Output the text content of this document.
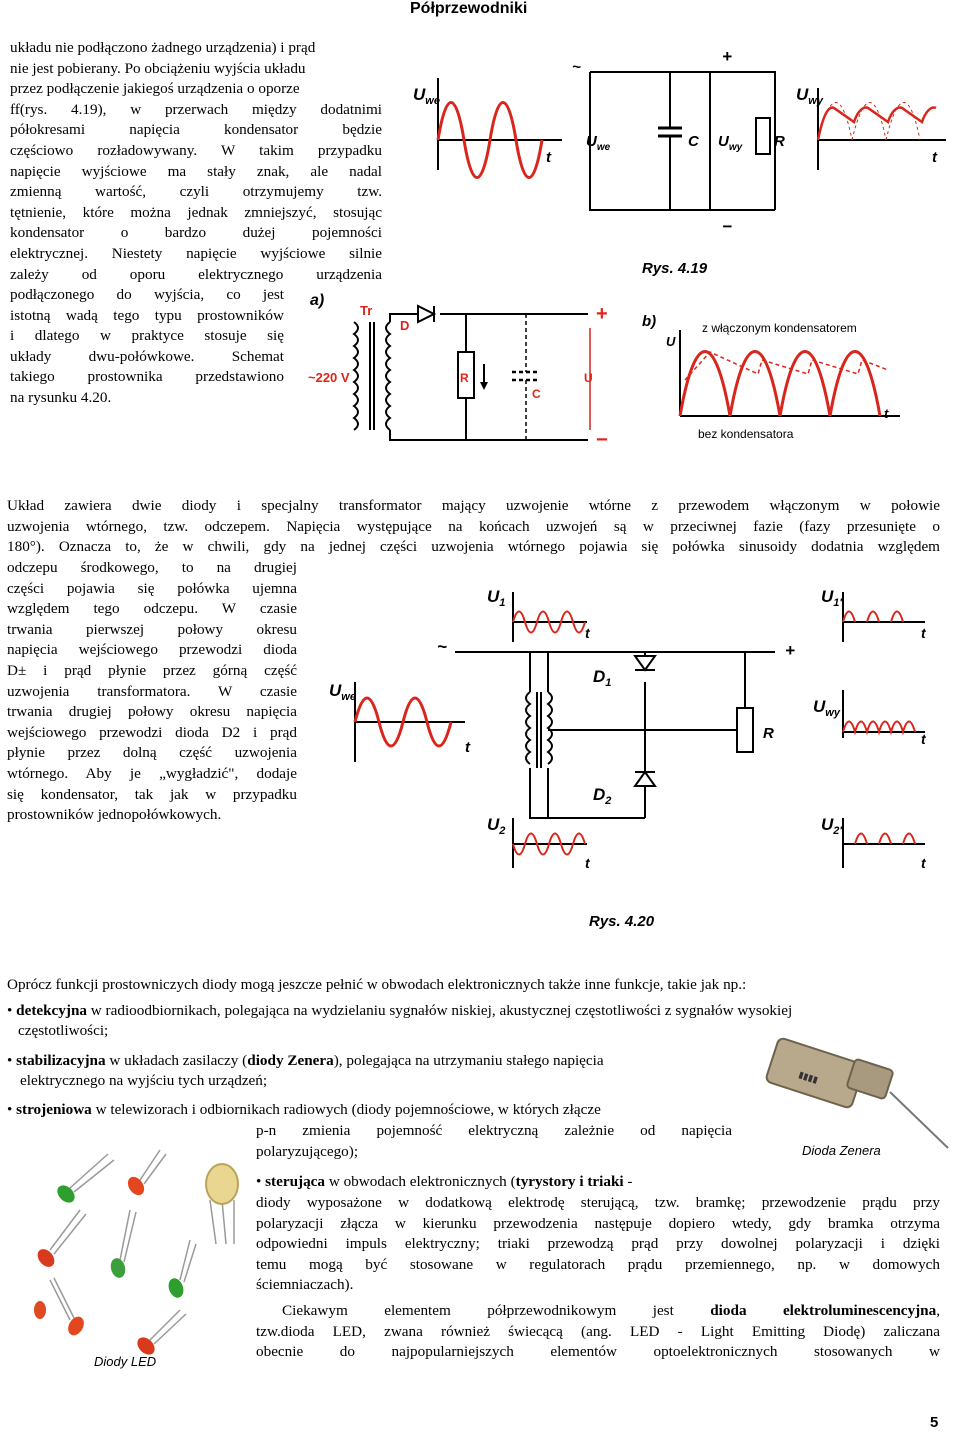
Półprzewodniki

układu nie podłączono żadnego urządzenia) i prąd

nie jest pobierany. Po obciążeniu wyjścia układu

przez podłączenie jakiegoś urządzenia o oporze

ff(rys. 4.19), w przerwach między dodatnimi

półokresami napięcia kondensator będzie

częściowo rozładowywany. W takim przypadku

napięcie wyjściowe ma stały znak, ale nadal

zmienną wartość, czyli otrzymujemy tzw.

tętnienie, które można jednak zmniejszyć, stosując

kondensator o bardzo dużej pojemności

elektrycznej. Niestety napięcie wyjściowe silnie

zależy od oporu elektrycznego urządzenia

podłączonego do wyjścia, co jest

istotną wadą tego typu prostowników

i dlatego w praktyce stosuje się

układy dwu-połówkowe. Schemat

takiego prostownika przedstawiono

na rysunku 4.20.

$U_{we}$
t
~
+
C $U_{wy}$
$U_{we}$	R
−
$U_{wy}$
t
Rys. 4.19
a)
Tr
~220 V
D
R
C
+
−
U
b)
U
z włączonym kondensatorem
t
bez kondensatora

Układ zawiera dwie diody i specjalny transformator mający uzwojenie wtórne z przewodem włączonym w połowie

uzwojenia wtórnego, tzw. odczepem. Napięcia występujące na końcach uzwojeń są w przeciwnej fazie (fazy przesunięte o

180°). Oznacza to, że w chwili, gdy na jednej części uzwojenia wtórnego pojawia się połówka sinusoidy dodatnia względem

odczepu środkowego, to na drugiej

części pojawia się połówka ujemna

względem tego odczepu. W czasie

trwania pierwszej połowy okresu

napięcia wejściowego przewodzi dioda

D± i prąd płynie przez górną część

uzwojenia transformatora. W czasie

trwania drugiej połowy okresu napięcia

wejściowego przewodzi dioda D2 i prąd

płynie przez dolną część uzwojenia

wtórnego. Aby je „wygładzić", dodaje

się kondensator, tak jak w przypadku

prostowników jednopołówkowych.

$U_1$
t
$U_{1'}$
t
~	+
$D_1$
$D_2$
R
$U_{we}$
t
$U_{wy}$
t
$U_2$
t
$U_{2'}$
t
Rys. 4.20
Oprócz funkcji prostowniczych diody mogą jeszcze pełnić w obwodach elektronicznych także inne funkcje, takie jak np.:
• detekcyjna w radioodbiornikach, polegająca na wydzielaniu sygnałów niskiej, akustycznej częstotliwości z sygnałów wysokiej
częstotliwości;
• stabilizacyjna w układach zasilaczy (diody Zenera), polegająca na utrzymaniu stałego napięcia
elektrycznego na wyjściu tych urządzeń;
• strojeniowa w telewizorach i odbiornikach radiowych (diody pojemnościowe, w których złącze
p-n zmienia pojemność elektryczną zależnie od napięcia
polaryzującego);
▮▮▮▮
Dioda Zenera
• sterująca w obwodach elektronicznych (tyrystory i triaki -

diody wyposażone w dodatkową elektrodę sterującą, tzw. bramkę; przewodzenie prądu przy

polaryzacji złącza w kierunku przewodzenia następuje dopiero wtedy, gdy bramka otrzyma

odpowiedni impuls elektryczny; triaki przewodzą prąd przy dowolnej polaryzacji i dzięki

temu mogą być stosowane w regulatorach prądu przemiennego, np. w domowych

ściemniaczach).

Ciekawym elementem półprzewodnikowym jest dioda elektroluminescencyjna,

tzw.dioda LED, zwana również świecącą (ang. LED - Light Emitting Diodę) zaliczana

obecnie do najpopularniejszych elementów optoelektronicznych stosowanych w

Diody LED
5
